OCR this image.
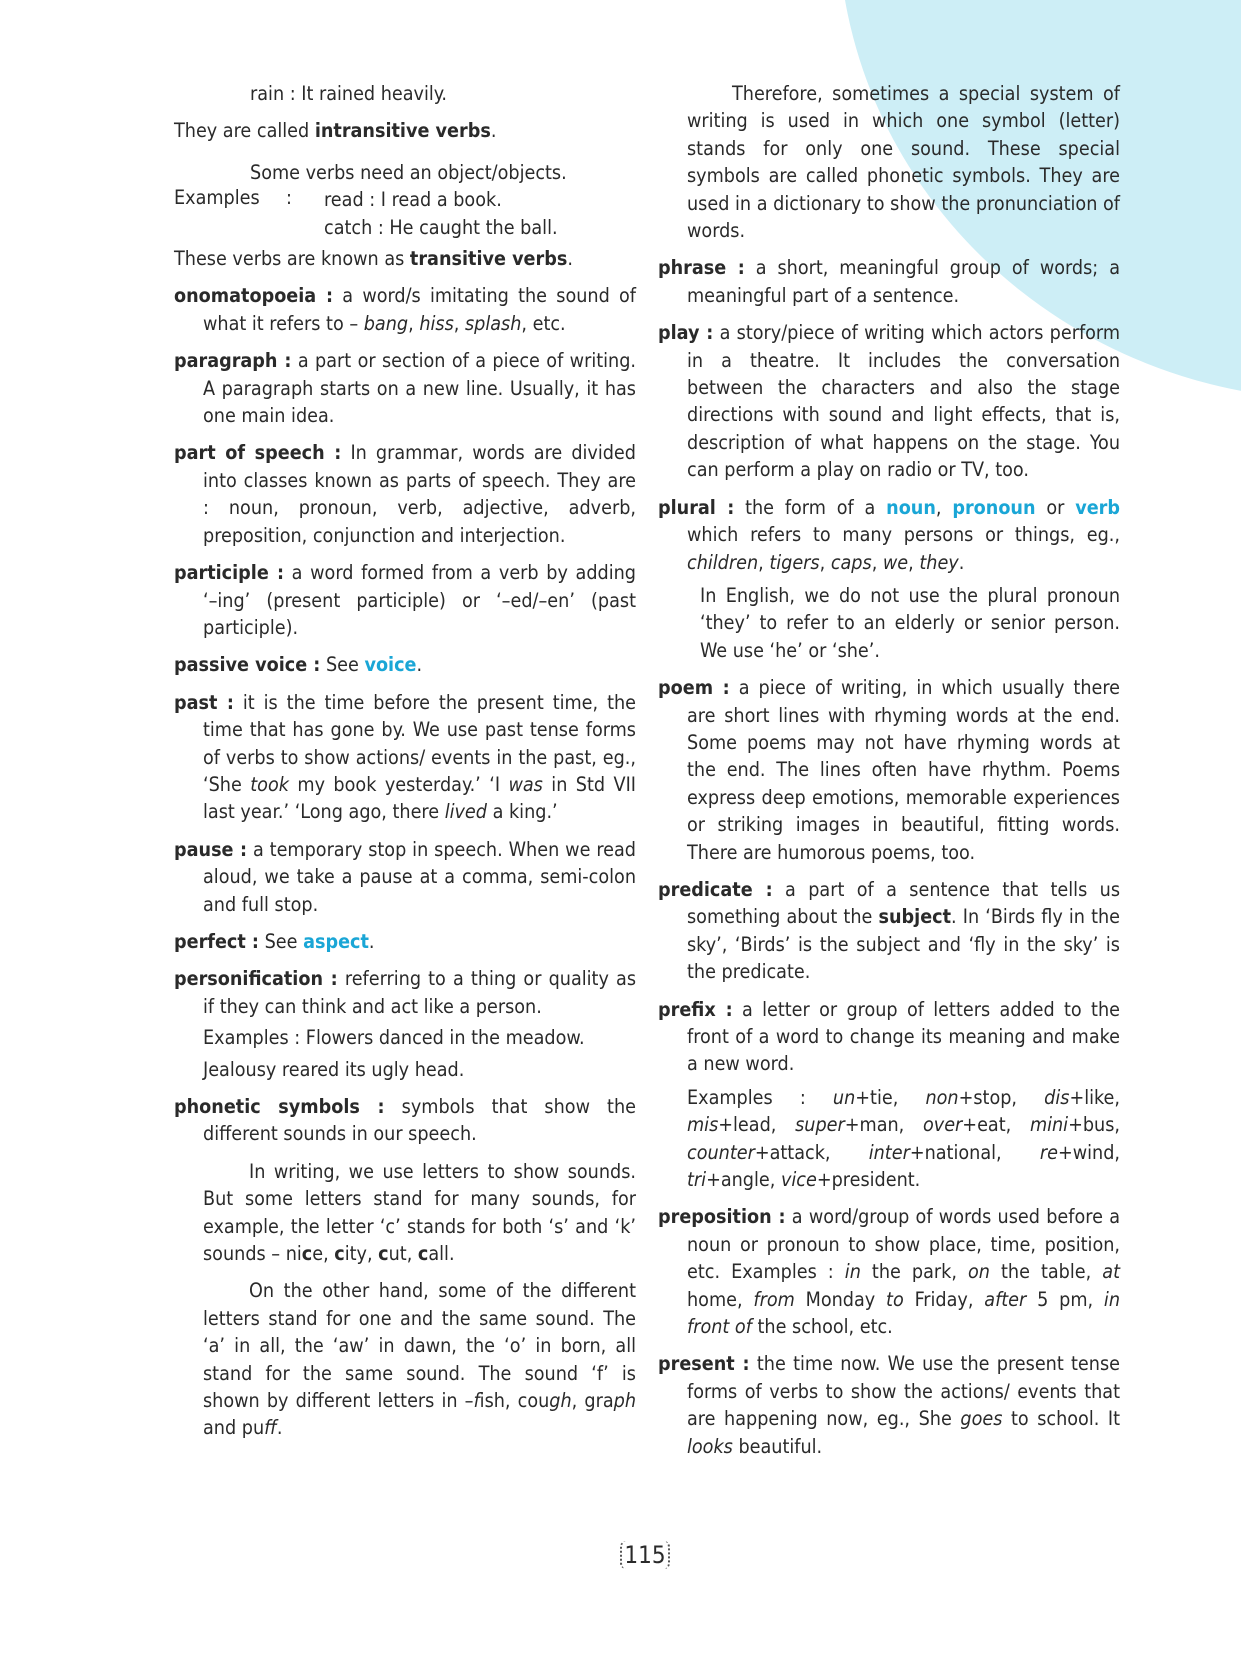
rain : It rained heavily.

They are called intransitive verbs.

Some verbs need an object/objects.

Examples	:	read : I read a book.

catch : He caught the ball.

These verbs are known as transitive verbs.

onomatopoeia : a word/s imitating the sound of what it refers to – bang, hiss, splash, etc.

paragraph : a part or section of a piece of writing. A paragraph starts on a new line. Usually, it has one main idea.

part of speech : In grammar, words are divided into classes known as parts of speech. They are : noun, pronoun, verb, adjective, adverb, preposition, conjunction and interjection.

participle : a word formed from a verb by adding ‘–ing’ (present participle) or ‘–ed/–en’ (past participle).

passive voice : See voice.

past : it is the time before the present time, the time that has gone by. We use past tense forms of verbs to show actions/ events in the past, eg., ‘She took my book yesterday.’ ‘I was in Std VII last year.’ ‘Long ago, there lived a king.’

pause : a temporary stop in speech. When we read aloud, we take a pause at a comma, semi-colon and full stop.

perfect : See aspect.

personification : referring to a thing or quality as if they can think and act like a person.

Examples : Flowers danced in the meadow.

Jealousy reared its ugly head.

phonetic symbols : symbols that show the different sounds in our speech.

In writing, we use letters to show sounds. But some letters stand for many sounds, for example, the letter ‘c’ stands for both ‘s’ and ‘k’ sounds – nice, city, cut, call.

On the other hand, some of the different letters stand for one and the same sound. The ‘a’ in all, the ‘aw’ in dawn, the ‘o’ in born, all stand for the same sound. The sound ‘f’ is shown by different letters in –fish, cough, graph and puff.

Therefore, sometimes a special system of writing is used in which one symbol (letter) stands for only one sound. These special symbols are called phonetic symbols. They are used in a dictionary to show the pronunciation of words.

phrase : a short, meaningful group of words; a meaningful part of a sentence.

play : a story/piece of writing which actors perform in a theatre. It includes the conversation between the characters and also the stage directions with sound and light effects, that is, description of what happens on the stage. You can perform a play on radio or TV, too.

plural : the form of a noun, pronoun or verb which refers to many persons or things, eg., children, tigers, caps, we, they.

In English, we do not use the plural pronoun ‘they’ to refer to an elderly or senior person. We use ‘he’ or ‘she’.

poem : a piece of writing, in which usually there are short lines with rhyming words at the end. Some poems may not have rhyming words at the end. The lines often have rhythm. Poems express deep emotions, memorable experiences or striking images in beautiful, fitting words. There are humorous poems, too.

predicate : a part of a sentence that tells us something about the subject. In ‘Birds fly in the sky’, ‘Birds’ is the subject and ‘fly in the sky’ is the predicate.

prefix : a letter or group of letters added to the front of a word to change its meaning and make a new word.

Examples : un+tie, non+stop, dis+like, mis+lead, super+man, over+eat, mini+bus, counter+attack, inter+national, re+wind, tri+angle, vice+president.

preposition : a word/group of words used before a noun or pronoun to show place, time, position, etc. Examples : in the park, on the table, at home, from Monday to Friday, after 5 pm, in front of the school, etc.

present : the time now. We use the present tense forms of verbs to show the actions/ events that are happening now, eg., She goes to school. It looks beautiful.

115
